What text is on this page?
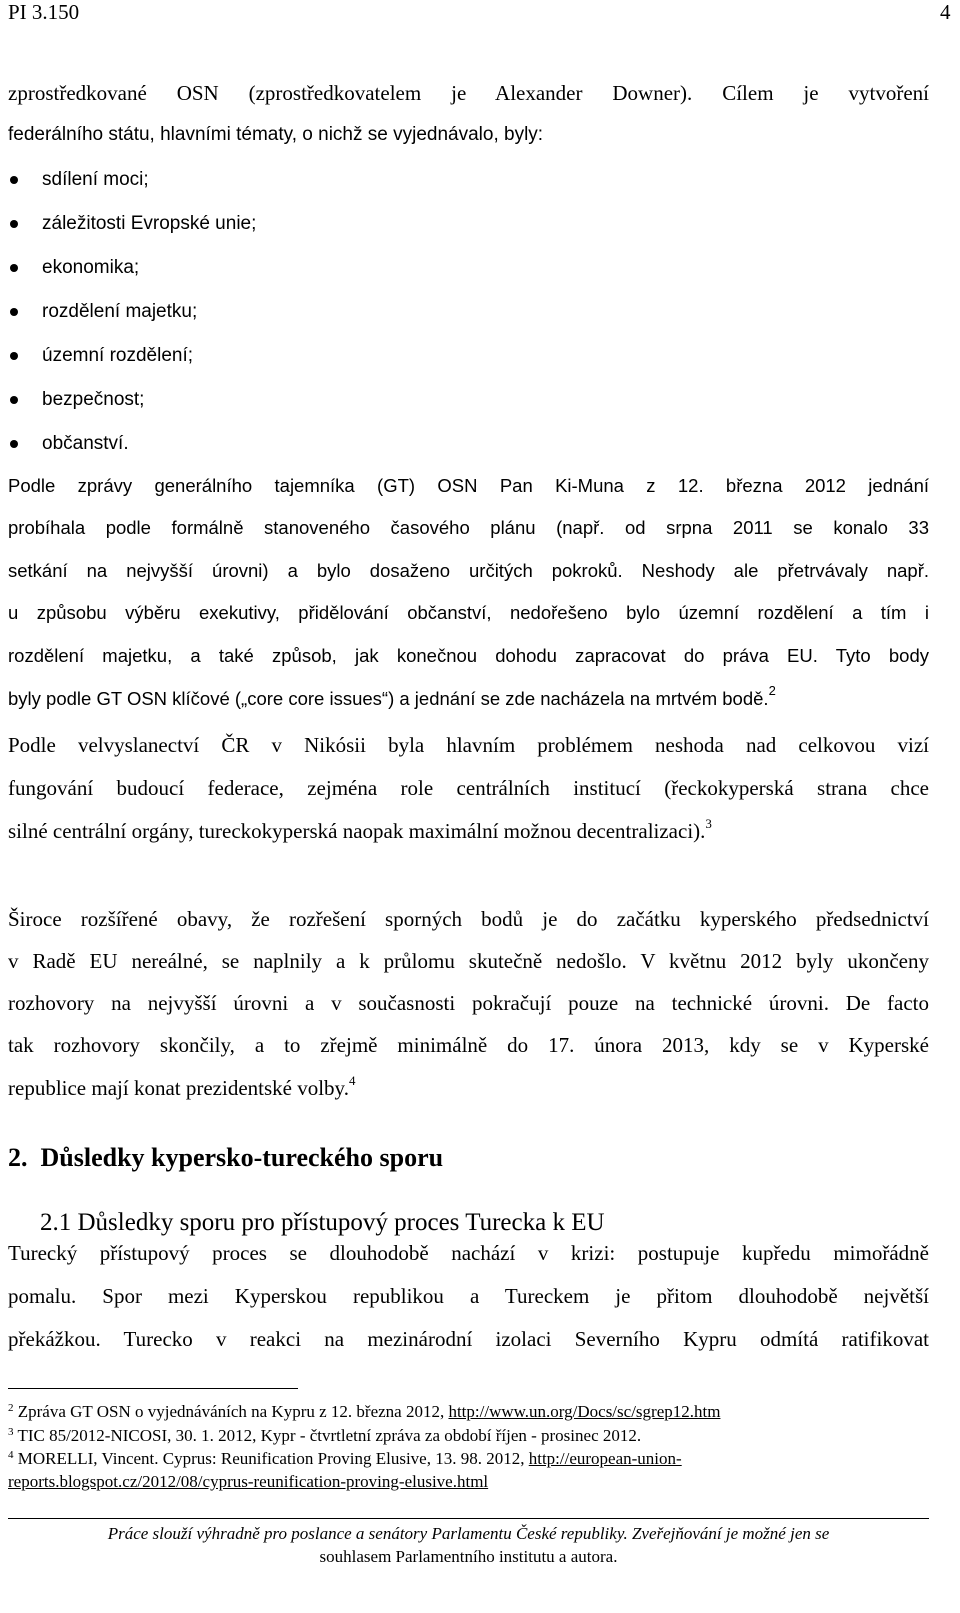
PI 3.150	4
zprostředkované OSN (zprostředkovatelem je Alexander Downer). Cílem je vytvoření
federálního státu, hlavními tématy, o nichž se vyjednávalo, byly:
sdílení moci;
záležitosti Evropské unie;
ekonomika;
rozdělení majetku;
územní rozdělení;
bezpečnost;
občanství.
Podle zprávy generálního tajemníka (GT) OSN Pan Ki-Muna z 12. března 2012 jednání
probíhala podle formálně stanoveného časového plánu (např. od srpna 2011 se konalo 33
setkání na nejvyšší úrovni) a bylo dosaženo určitých pokroků. Neshody ale přetrvávaly např.
u způsobu výběru exekutivy, přidělování občanství, nedořešeno bylo územní rozdělení a tím i
rozdělení majetku, a také způsob, jak konečnou dohodu zapracovat do práva EU. Tyto body
byly podle GT OSN klíčové („core core issues“) a jednání se zde nacházela na mrtvém bodě.$^2$
Podle velvyslanectví ČR v Nikósii byla hlavním problémem neshoda nad celkovou vizí
fungování budoucí federace, zejména role centrálních institucí (řeckokyperská strana chce
silné centrální orgány, tureckokyperská naopak maximální možnou decentralizaci).$^3$
Široce rozšířené obavy, že rozřešení sporných bodů je do začátku kyperského předsednictví
v Radě EU nereálné, se naplnily a k průlomu skutečně nedošlo. V květnu 2012 byly ukončeny
rozhovory na nejvyšší úrovni a v současnosti pokračují pouze na technické úrovni. De facto
tak rozhovory skončily, a to zřejmě minimálně do 17. února 2013, kdy se v Kyperské
republice mají konat prezidentské volby.$^4$
2.  Důsledky kypersko-tureckého sporu
2.1 Důsledky sporu pro přístupový proces Turecka k EU
Turecký přístupový proces se dlouhodobě nachází v krizi: postupuje kupředu mimořádně
pomalu. Spor mezi Kyperskou republikou a Tureckem je přitom dlouhodobě největší
překážkou. Turecko v reakci na mezinárodní izolaci Severního Kypru odmítá ratifikovat
$^2$ Zpráva GT OSN o vyjednáváních na Kypru z 12. března 2012, http://www.un.org/Docs/sc/sgrep12.htm
$^3$ TIC 85/2012-NICOSI, 30. 1. 2012, Kypr - čtvrtletní zpráva za období říjen - prosinec 2012.
$^4$ MORELLI, Vincent. Cyprus: Reunification Proving Elusive, 13. 98. 2012, http://european-union-
reports.blogspot.cz/2012/08/cyprus-reunification-proving-elusive.html
Práce slouží výhradně pro poslance a senátory Parlamentu České republiky. Zveřejňování je možné jen se
souhlasem Parlamentního institutu a autora.
